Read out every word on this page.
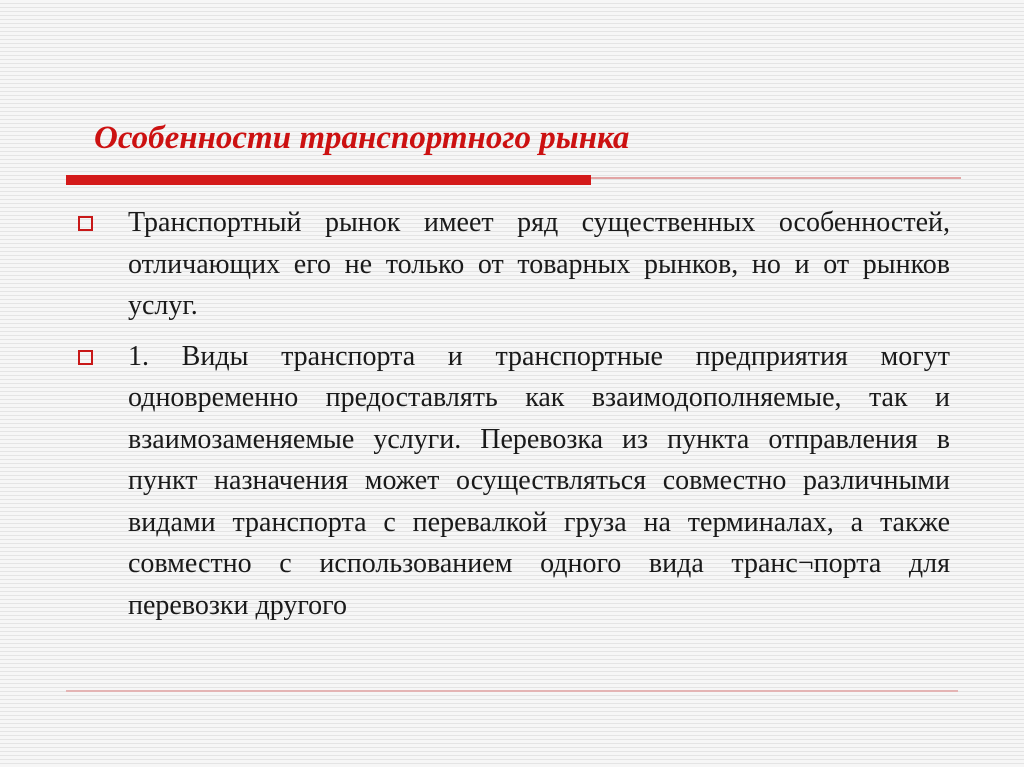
Особенности транспортного рынка

Транспортный рынок имеет ряд существенных особенностей, отличающих его не только от товарных рынков, но и от рынков услуг.

1. Виды транспорта и транспортные предприятия могут одновременно предоставлять как взаимодополняемые, так и взаимозаменяемые услуги. Перевозка из пункта отправления в пункт назначения может осуществляться совместно различными видами транспорта с перевалкой груза на терминалах, а также совместно с использованием одного вида транс¬порта для перевозки другого
